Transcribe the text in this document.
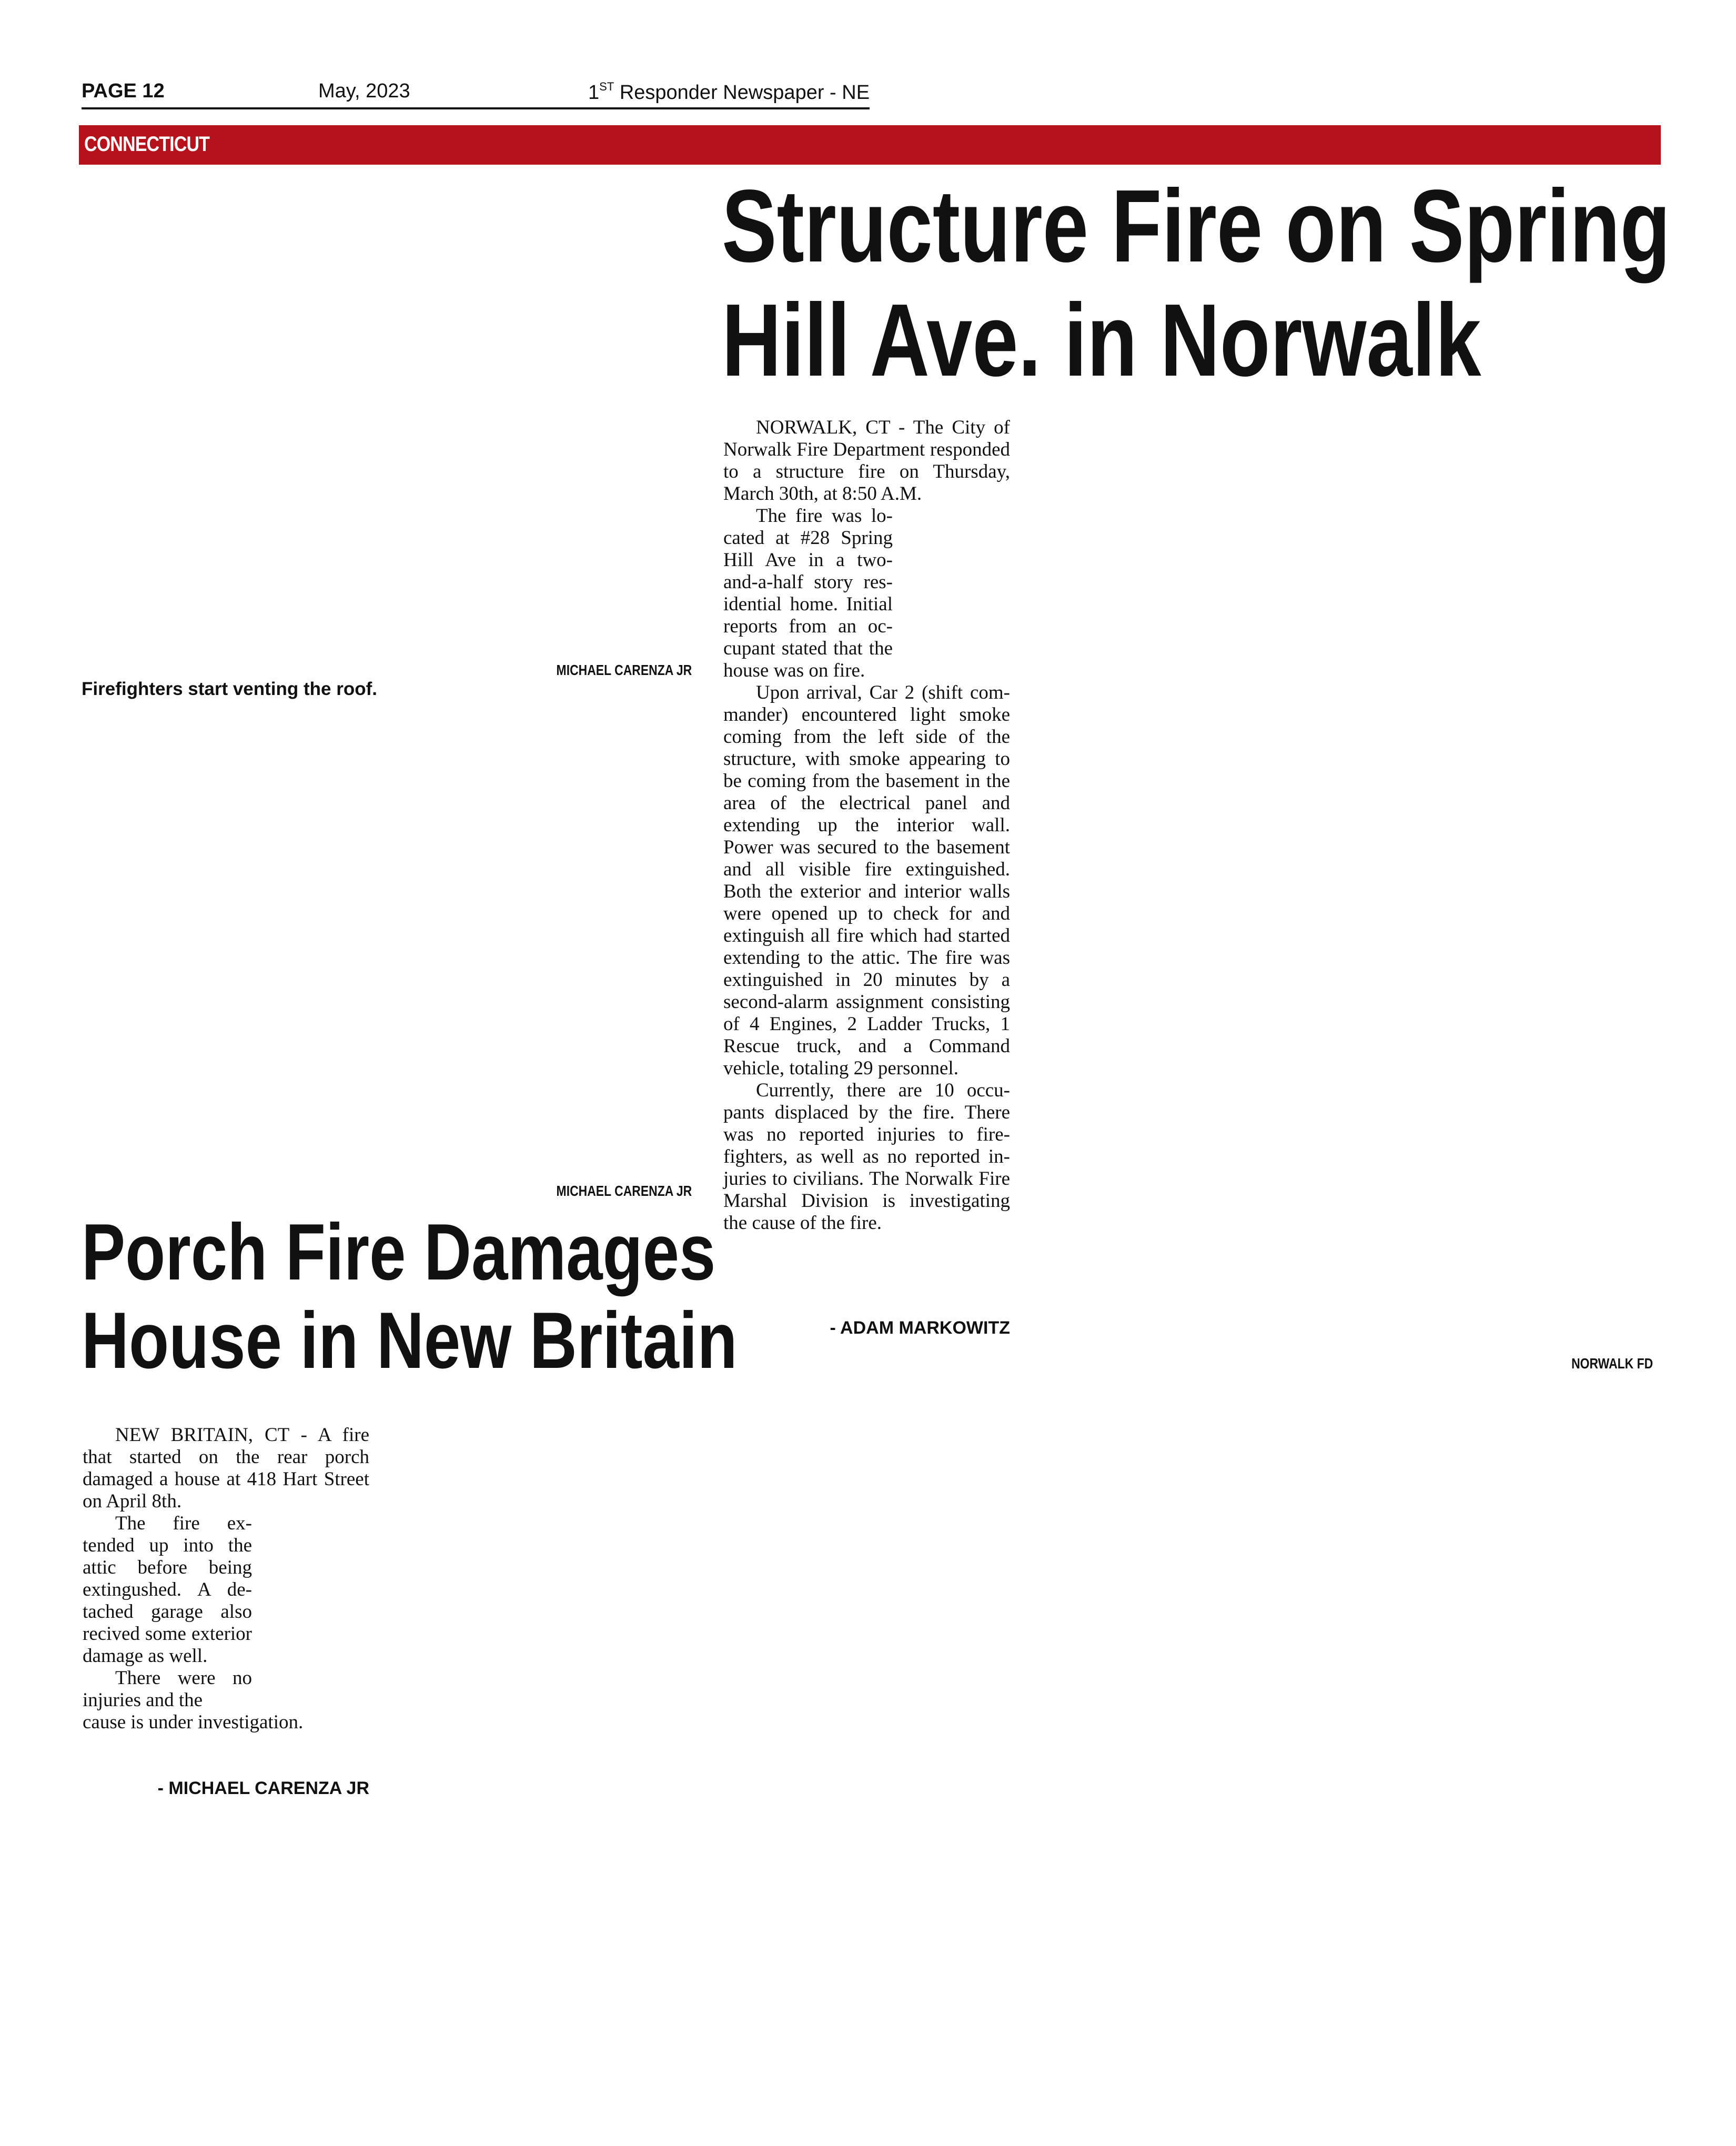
PAGE 12	May, 2023	1ST Responder Newspaper - NE
CONNECTICUT
Structure Fire on Spring
Hill Ave. in Norwalk

NORWALK, CT - The City of Norwalk Fire Department responded to a structure fire on Thursday, March 30th, at 8:50 A.M.

The fire was located at #28 Spring Hill Ave in a two-and-a-half story residential home. Initial reports from an occupant stated that the house was on fire.

Upon arrival, Car 2 (shift commander) encountered light smoke coming from the left side of the structure, with smoke appearing to be coming from the basement in the area of the electrical panel and extending up the interior wall. Power was secured to the basement and all visible fire extinguished. Both the exterior and interior walls were opened up to check for and extinguish all fire which had started extending to the attic. The fire was extinguished in 20 minutes by a second-alarm assignment consisting of 4 Engines, 2 Ladder Trucks, 1 Rescue truck, and a Command vehicle, totaling 29 personnel.

Currently, there are 10 occupants displaced by the fire. There was no reported injuries to firefighters, as well as no reported injuries to civilians. The Norwalk Fire Marshal Division is investigating the cause of the fire.

- ADAM MARKOWITZ
NORWALK FD
MICHAEL CARENZA JR
Firefighters start venting the roof.
MICHAEL CARENZA JR
Porch Fire Damages
House in New Britain

NEW BRITAIN, CT - A fire that started on the rear porch damaged a house at 418 Hart Street on April 8th.

The fire extended up into the attic before being extingushed. A detached garage also recived some exterior damage as well.

There were no injuries and the

cause is under investigation.
- MICHAEL CARENZA JR
